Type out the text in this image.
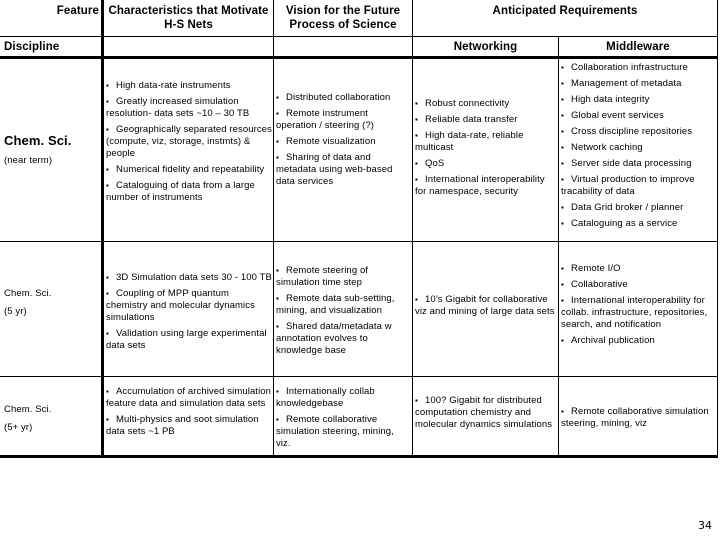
Feature
Discipline
Characteristics that Motivate H-S Nets
Vision for the Future Process of Science
Anticipated Requirements
Networking	Middleware
Chem. Sci.
(near term)
▪ High data-rate instruments
▪ Greatly increased simulation resolution- data sets ~10 – 30 TB
▪ Geographically separated resources (compute, viz, storage, instmts) & people
▪ Numerical fidelity and repeatability
▪ Cataloguing of data from a large number of instruments
▪ Distributed collaboration
▪ Remote instrument operation / steering (?)
▪ Remote visualization
▪ Sharing of data and metadata using web-based data services
▪ Robust connectivity
▪ Reliable data transfer
▪ High data-rate, reliable multicast
▪ QoS
▪ International interoperability for namespace, security
▪ Collaboration infrastructure
▪ Management of metadata
▪ High data integrity
▪ Global event services
▪ Cross discipline repositories
▪ Network caching
▪ Server side data processing
▪ Virtual production to improve tracability of data
▪ Data Grid broker / planner
▪ Cataloguing as a service
Chem. Sci.
(5 yr)
▪ 3D Simulation data sets 30 - 100 TB
▪ Coupling of MPP quantum chemistry and molecular dynamics simulations
▪ Validation using large experimental data sets
▪ Remote steering of simulation time step
▪ Remote data sub-setting, mining, and visualization
▪ Shared data/metadata w annotation evolves to knowledge base
▪ 10’s Gigabit for collaborative viz and mining of large data sets
▪ Remote I/O
▪ Collaborative
▪ International interoperability for collab. infrastructure, repositories, search, and notification
▪ Archival publication
Chem. Sci.
(5+ yr)
▪ Accumulation of archived simulation feature data and simulation data sets
▪ Multi-physics and soot simulation data sets ~1 PB
▪ Internationally collab knowledgebase
▪ Remote collaborative simulation steering, mining, viz.
▪ 100? Gigabit for distributed computation chemistry and molecular dynamics simulations
▪ Remote collaborative simulation steering, mining, viz
34
